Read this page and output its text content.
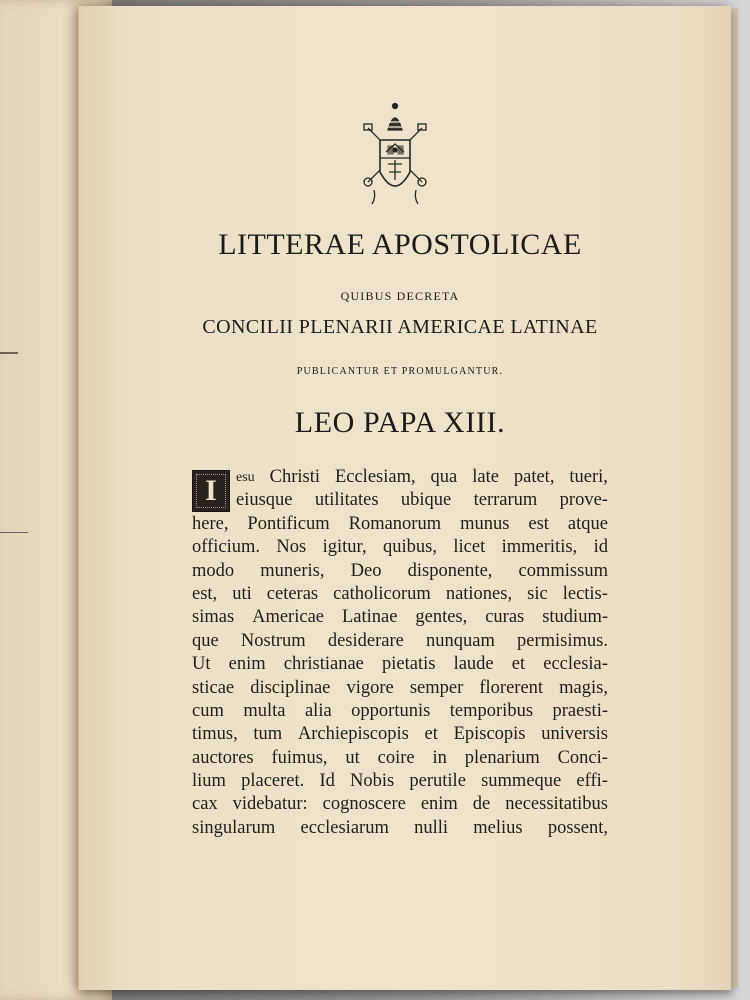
LITTERAE APOSTOLICAE
QUIBUS DECRETA
CONCILII PLENARII AMERICAE LATINAE
PUBLICANTUR ET PROMULGANTUR.
LEO PAPA XIII.
I	esu Christi Ecclesiam, qua late patet, tueri,
eiusque utilitates ubique terrarum prove-
here, Pontificum Romanorum munus est atque
officium. Nos igitur, quibus, licet immeritis, id
modo muneris, Deo disponente, commissum
est, uti ceteras catholicorum nationes, sic lectis-
simas Americae Latinae gentes, curas studium-
que Nostrum desiderare nunquam permisimus.
Ut enim christianae pietatis laude et ecclesia-
sticae disciplinae vigore semper florerent magis,
cum multa alia opportunis temporibus praesti-
timus, tum Archiepiscopis et Episcopis universis
auctores fuimus, ut coire in plenarium Conci-
lium placeret. Id Nobis perutile summeque effi-
cax videbatur: cognoscere enim de necessitatibus
singularum ecclesiarum nulli melius possent,
